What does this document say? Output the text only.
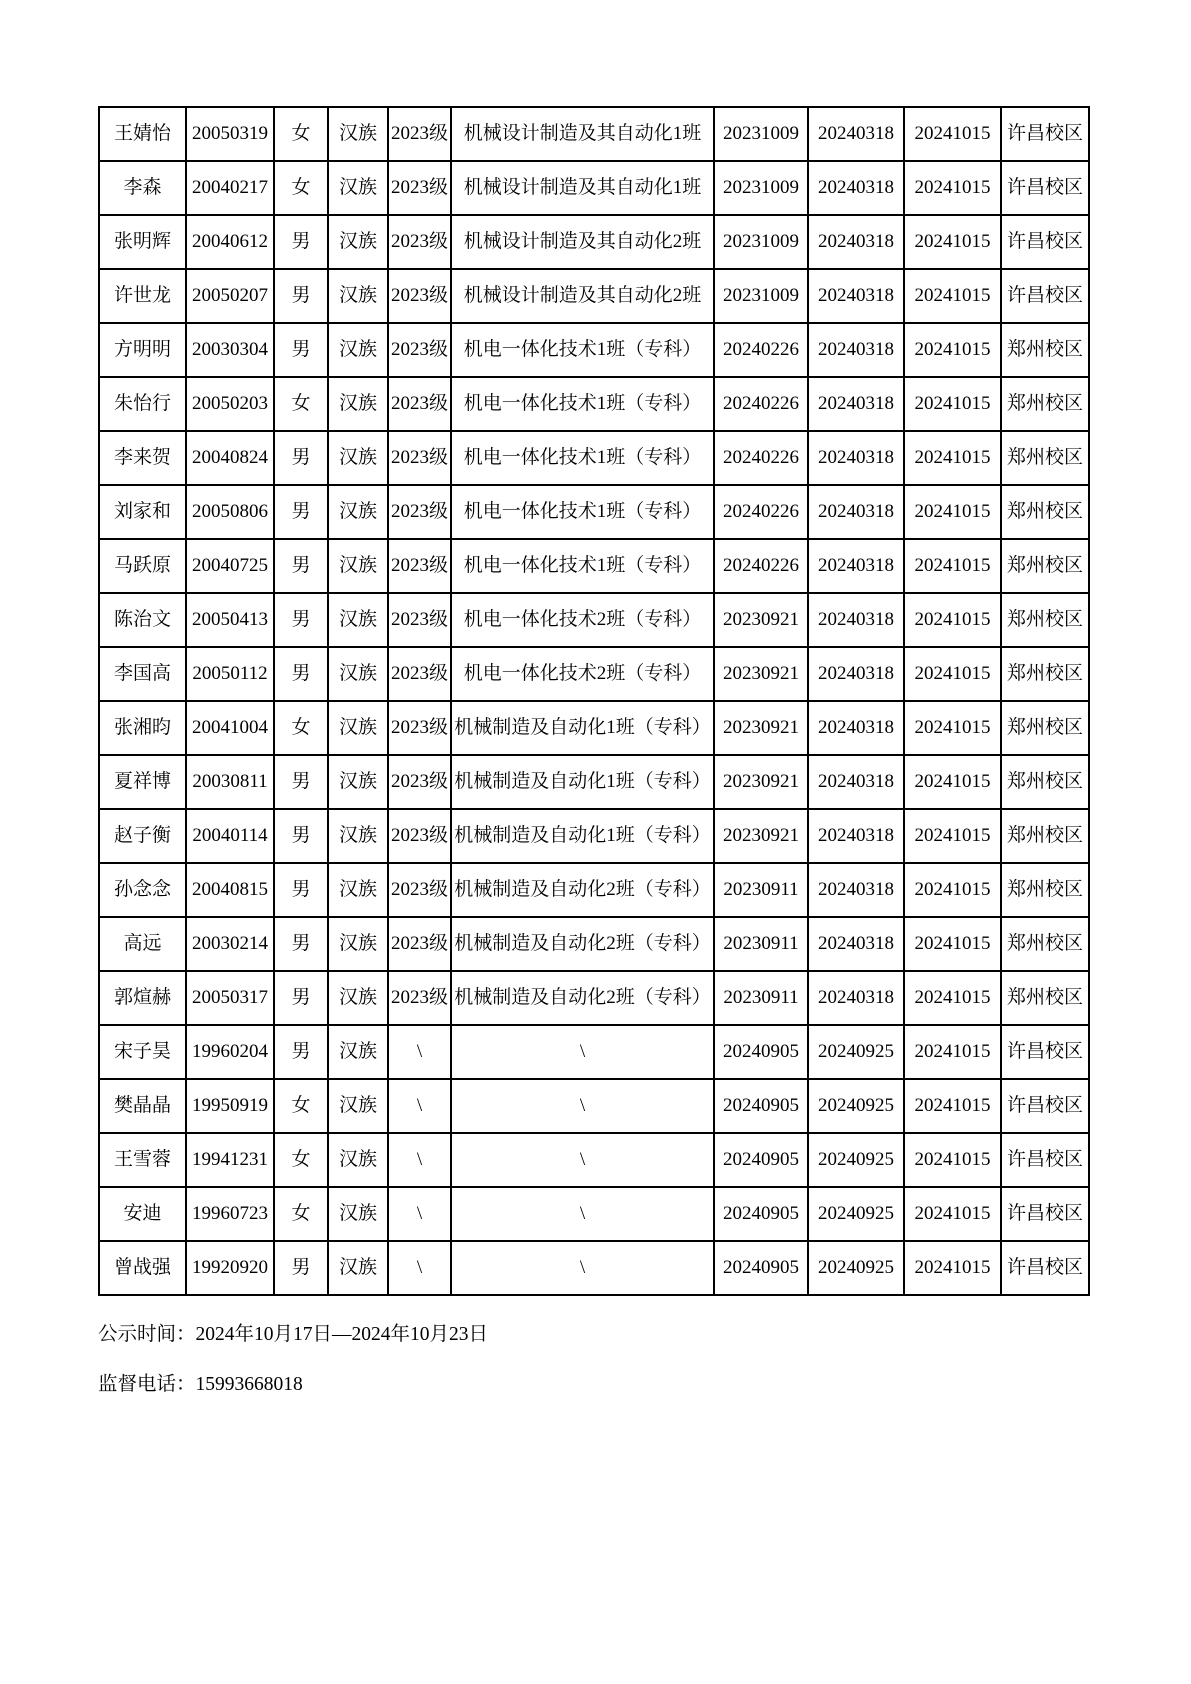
王婧怡	20050319	女	汉族	2023级	机械设计制造及其自动化1班	20231009	20240318	20241015	许昌校区
李森	20040217	女	汉族	2023级	机械设计制造及其自动化1班	20231009	20240318	20241015	许昌校区
张明辉	20040612	男	汉族	2023级	机械设计制造及其自动化2班	20231009	20240318	20241015	许昌校区
许世龙	20050207	男	汉族	2023级	机械设计制造及其自动化2班	20231009	20240318	20241015	许昌校区
方明明	20030304	男	汉族	2023级	机电一体化技术1班（专科）	20240226	20240318	20241015	郑州校区
朱怡行	20050203	女	汉族	2023级	机电一体化技术1班（专科）	20240226	20240318	20241015	郑州校区
李来贺	20040824	男	汉族	2023级	机电一体化技术1班（专科）	20240226	20240318	20241015	郑州校区
刘家和	20050806	男	汉族	2023级	机电一体化技术1班（专科）	20240226	20240318	20241015	郑州校区
马跃原	20040725	男	汉族	2023级	机电一体化技术1班（专科）	20240226	20240318	20241015	郑州校区
陈治文	20050413	男	汉族	2023级	机电一体化技术2班（专科）	20230921	20240318	20241015	郑州校区
李国高	20050112	男	汉族	2023级	机电一体化技术2班（专科）	20230921	20240318	20241015	郑州校区
张湘昀	20041004	女	汉族	2023级	机械制造及自动化1班（专科）	20230921	20240318	20241015	郑州校区
夏祥博	20030811	男	汉族	2023级	机械制造及自动化1班（专科）	20230921	20240318	20241015	郑州校区
赵子衡	20040114	男	汉族	2023级	机械制造及自动化1班（专科）	20230921	20240318	20241015	郑州校区
孙念念	20040815	男	汉族	2023级	机械制造及自动化2班（专科）	20230911	20240318	20241015	郑州校区
高远	20030214	男	汉族	2023级	机械制造及自动化2班（专科）	20230911	20240318	20241015	郑州校区
郭煊赫	20050317	男	汉族	2023级	机械制造及自动化2班（专科）	20230911	20240318	20241015	郑州校区
宋子昊	19960204	男	汉族	\	\	20240905	20240925	20241015	许昌校区
樊晶晶	19950919	女	汉族	\	\	20240905	20240925	20241015	许昌校区
王雪蓉	19941231	女	汉族	\	\	20240905	20240925	20241015	许昌校区
安迪	19960723	女	汉族	\	\	20240905	20240925	20241015	许昌校区
曾战强	19920920	男	汉族	\	\	20240905	20240925	20241015	许昌校区
公示时间：2024年10月17日—2024年10月23日
监督电话：15993668018
